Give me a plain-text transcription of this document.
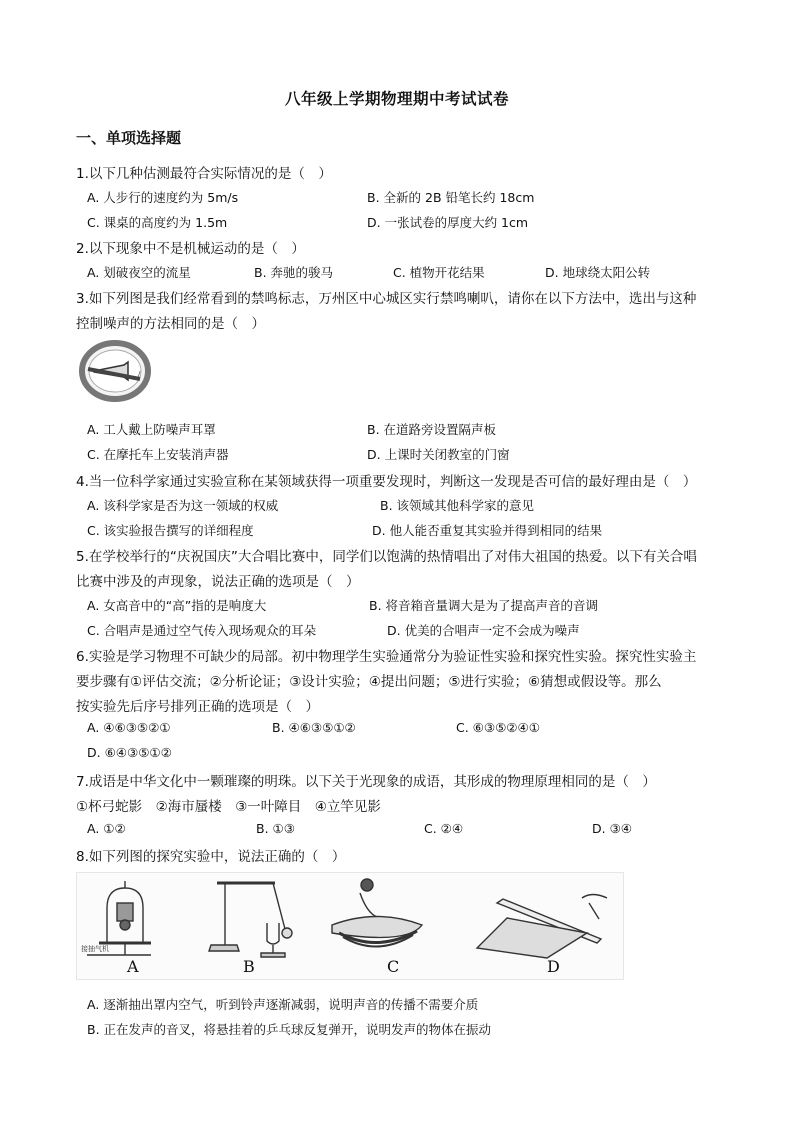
八年级上学期物理期中考试试卷
一、单项选择题
1.以下几种估测最符合实际情况的是（　）
A. 人步行的速度约为 5m/s	B. 全新的 2B 铅笔长约 18cm
C. 课桌的高度约为 1.5m	D. 一张试卷的厚度大约 1cm
2.以下现象中不是机械运动的是（　）
A. 划破夜空的流星	B. 奔驰的骏马	C. 植物开花结果	D. 地球绕太阳公转
3.如下列图是我们经常看到的禁鸣标志，万州区中心城区实行禁鸣喇叭，请你在以下方法中，选出与这种
控制噪声的方法相同的是（　）
/
A. 工人戴上防噪声耳罩	B. 在道路旁设置隔声板
C. 在摩托车上安装消声器	D. 上课时关闭教室的门窗
4.当一位科学家通过实验宣称在某领域获得一项重要发现时，判断这一发现是否可信的最好理由是（　）
A. 该科学家是否为这一领域的权威	B. 该领域其他科学家的意见
C. 该实验报告撰写的详细程度	D. 他人能否重复其实验并得到相同的结果
5.在学校举行的“庆祝国庆”大合唱比赛中，同学们以饱满的热情唱出了对伟大祖国的热爱。以下有关合唱
比赛中涉及的声现象，说法正确的选项是（　）
A. 女高音中的“高”指的是响度大	B. 将音箱音量调大是为了提高声音的音调
C. 合唱声是通过空气传入现场观众的耳朵	D. 优美的合唱声一定不会成为噪声
6.实验是学习物理不可缺少的局部。初中物理学生实验通常分为验证性实验和探究性实验。探究性实验主
要步骤有①评估交流；②分析论证；③设计实验；④提出问题；⑤进行实验；⑥猜想或假设等。那么
按实验先后序号排列正确的选项是（　）
A. ④⑥③⑤②①	B. ④⑥③⑤①②	C. ⑥③⑤②④①
D. ⑥④③⑤①②
7.成语是中华文化中一颗璀璨的明珠。以下关于光现象的成语，其形成的物理原理相同的是（　）
①杯弓蛇影　②海市蜃楼　③一叶障目　④立竿见影
A. ①②	B. ①③	C. ②④	D. ③④
8.如下列图的探究实验中，说法正确的（　）
接抽气机
A	B	C	D
A. 逐渐抽出罩内空气，听到铃声逐渐减弱，说明声音的传播不需要介质
B. 正在发声的音叉，将悬挂着的乒乓球反复弹开，说明发声的物体在振动
